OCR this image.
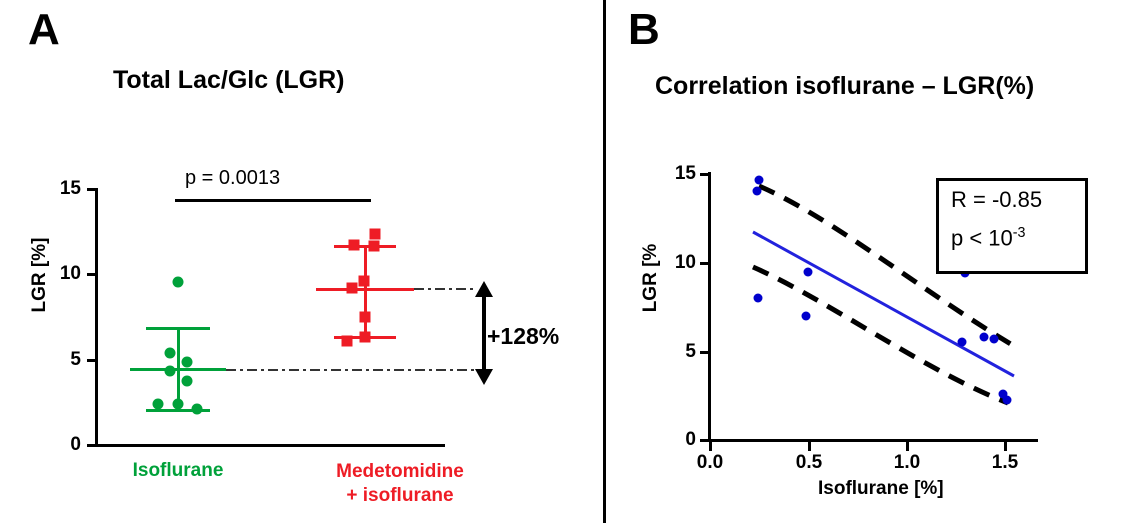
A
Total Lac/Glc (LGR)
LGR [%]
0
5
10
15	p = 0.0013
+128%
Isoflurane	Medetomidine
+ isoflurane
B
Correlation isoflurane – LGR(%)
LGR [%
Isoflurane [%]
0
5
10
15
0.0	0.5	1.0	1.5
R = -0.85
$p < 10^{-3}$
